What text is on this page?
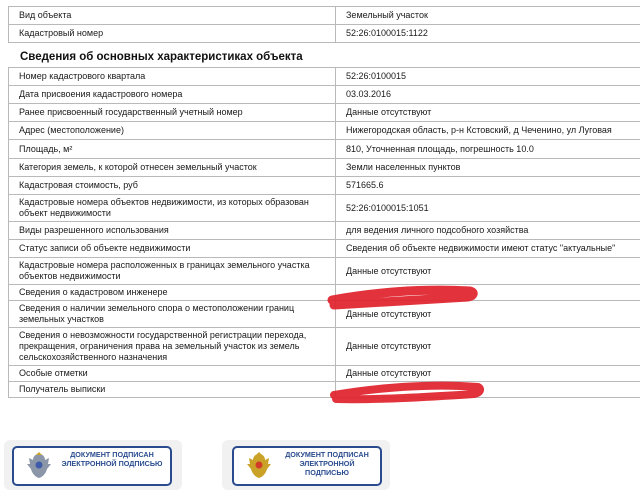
Вид объекта	Земельный участок
Кадастровый номер	52:26:0100015:1122
Сведения об основных характеристиках объекта
Номер кадастрового квартала	52:26:0100015
Дата присвоения кадастрового номера	03.03.2016
Ранее присвоенный государственный учетный номер	Данные отсутствуют
Адрес (местоположение)	Нижегородская область, р-н Кстовский, д Чеченино, ул Луговая
Площадь, м²	810, Уточненная площадь, погрешность 10.0
Категория земель, к которой отнесен земельный участок	Земли населенных пунктов
Кадастровая стоимость, руб	571665.6
Кадастровые номера объектов недвижимости, из которых образован объект недвижимости	52:26:0100015:1051
Виды разрешенного использования	для ведения личного подсобного хозяйства
Статус записи об объекте недвижимости	Сведения об объекте недвижимости имеют статус "актуальные"
Кадастровые номера расположенных в границах земельного участка объектов недвижимости	Данные отсутствуют
Сведения о кадастровом инженере	
Сведения о наличии земельного спора о местоположении границ земельных участков	Данные отсутствуют
Сведения о невозможности государственной регистрации перехода, прекращения, ограничения права на земельный участок из земель сельскохозяйственного назначения	Данные отсутствуют
Особые отметки	Данные отсутствуют
Получатель выписки	
ДОКУМЕНТ ПОДПИСАН ЭЛЕКТРОННОЙ ПОДПИСЬЮ
ДОКУМЕНТ ПОДПИСАН ЭЛЕКТРОННОЙ ПОДПИСЬЮ
